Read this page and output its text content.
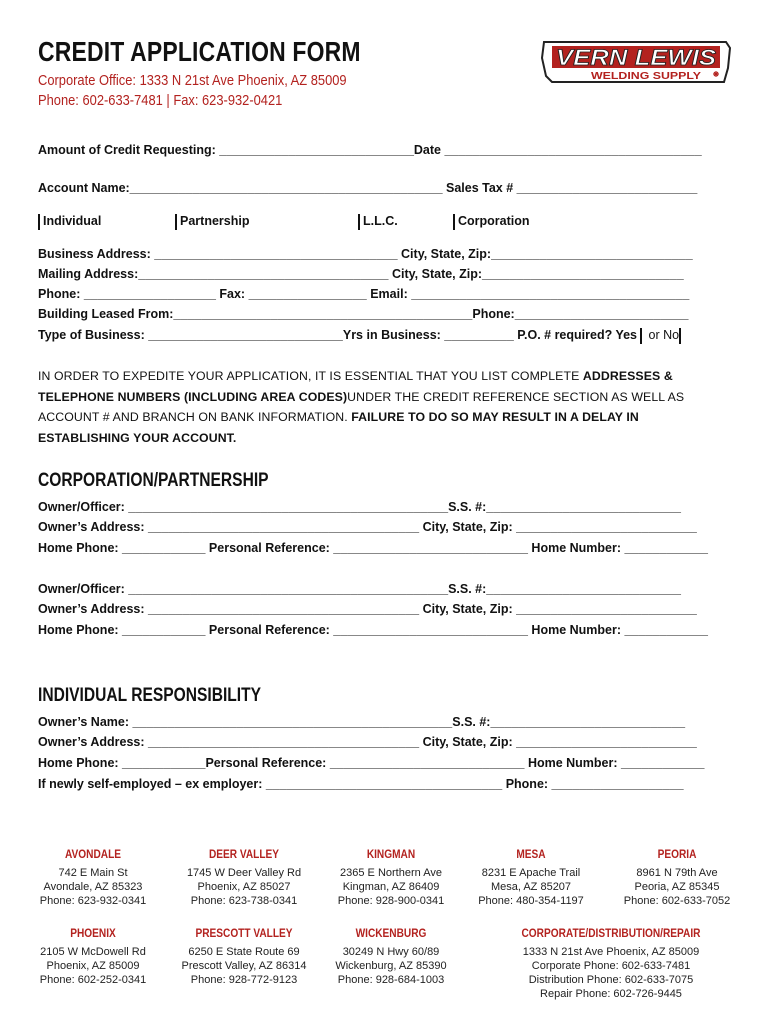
CREDIT APPLICATION FORM
Corporate Office: 1333 N 21st Ave Phoenix, AZ 85009
Phone: 602-633-7481 | Fax: 623-932-0421
VERN LEWIS
WELDING SUPPLY
Amount of Credit Requesting: ____________________________Date _____________________________________
Account Name:_____________________________________________ Sales Tax # __________________________
Individual	Partnership	L.L.C.	Corporation
Business Address: ___________________________________ City, State, Zip:_____________________________
Mailing Address:____________________________________ City, State, Zip:_____________________________
Phone: ___________________ Fax: _________________ Email: ________________________________________
Building Leased From:___________________________________________Phone:_________________________
Type of Business: ____________________________Yrs in Business: __________ P.O. # required? Yes or No
IN ORDER TO EXPEDITE YOUR APPLICATION, IT IS ESSENTIAL THAT YOU LIST COMPLETE ADDRESSES & TELEPHONE NUMBERS (INCLUDING AREA CODES)UNDER THE CREDIT REFERENCE SECTION AS WELL AS ACCOUNT # AND BRANCH ON BANK INFORMATION. FAILURE TO DO SO MAY RESULT IN A DELAY IN ESTABLISHING YOUR ACCOUNT.
CORPORATION/PARTNERSHIP
Owner/Officer: ______________________________________________S.S. #:____________________________
Owner’s Address: _______________________________________ City, State, Zip: __________________________
Home Phone: ____________ Personal Reference: ____________________________ Home Number: ____________
Owner/Officer: ______________________________________________S.S. #:____________________________
Owner’s Address: _______________________________________ City, State, Zip: __________________________
Home Phone: ____________ Personal Reference: ____________________________ Home Number: ____________
INDIVIDUAL RESPONSIBILITY
Owner’s Name: ______________________________________________S.S. #:____________________________
Owner’s Address: _______________________________________ City, State, Zip: __________________________
Home Phone: ____________Personal Reference: ____________________________ Home Number: ____________
If newly self-employed – ex employer: __________________________________ Phone: ___________________
AVONDALE
742 E Main St
Avondale, AZ 85323
Phone: 623-932-0341
DEER VALLEY
1745 W Deer Valley Rd
Phoenix, AZ 85027
Phone: 623-738-0341
KINGMAN
2365 E Northern Ave
Kingman, AZ 86409
Phone: 928-900-0341
MESA
8231 E Apache Trail
Mesa, AZ 85207
Phone: 480-354-1197
PEORIA
8961 N 79th Ave
Peoria, AZ 85345
Phone: 602-633-7052
PHOENIX
2105 W McDowell Rd
Phoenix, AZ 85009
Phone: 602-252-0341
PRESCOTT VALLEY
6250 E State Route 69
Prescott Valley, AZ 86314
Phone: 928-772-9123
WICKENBURG
30249 N Hwy 60/89
Wickenburg, AZ 85390
Phone: 928-684-1003
CORPORATE/DISTRIBUTION/REPAIR
1333 N 21st Ave Phoenix, AZ 85009
Corporate Phone: 602-633-7481
Distribution Phone: 602-633-7075
Repair Phone: 602-726-9445
